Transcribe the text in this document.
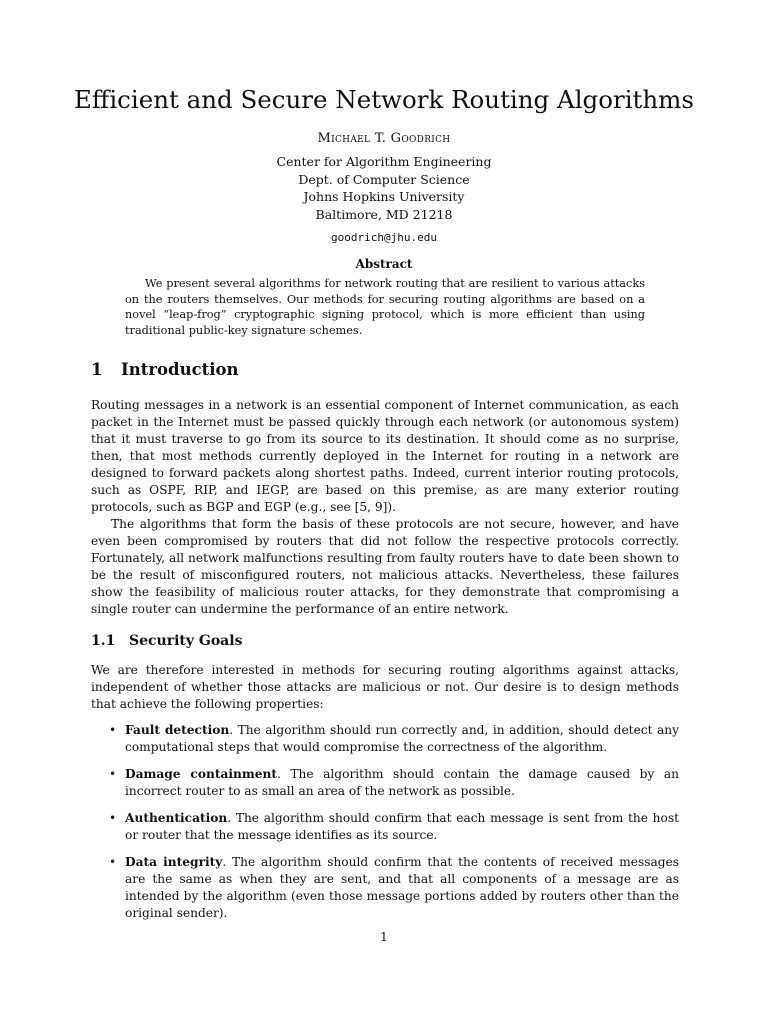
Efficient and Secure Network Routing Algorithms
Michael T. Goodrich
Center for Algorithm Engineering
Dept. of Computer Science
Johns Hopkins University
Baltimore, MD 21218
goodrich@jhu.edu
Abstract
We present several algorithms for network routing that are resilient to various attacks on the routers themselves. Our methods for securing routing algorithms are based on a novel “leap-frog” cryptographic signing protocol, which is more efficient than using traditional public-key signature schemes.
1 Introduction
Routing messages in a network is an essential component of Internet communication, as each packet in the Internet must be passed quickly through each network (or autonomous system) that it must traverse to go from its source to its destination. It should come as no surprise, then, that most methods currently deployed in the Internet for routing in a network are designed to forward packets along shortest paths. Indeed, current interior routing protocols, such as OSPF, RIP, and IEGP, are based on this premise, as are many exterior routing protocols, such as BGP and EGP (e.g., see [5, 9]).
The algorithms that form the basis of these protocols are not secure, however, and have even been compromised by routers that did not follow the respective protocols correctly. Fortunately, all network malfunctions resulting from faulty routers have to date been shown to be the result of misconfigured routers, not malicious attacks. Nevertheless, these failures show the feasibility of malicious router attacks, for they demonstrate that compromising a single router can undermine the performance of an entire network.
1.1 Security Goals
We are therefore interested in methods for securing routing algorithms against attacks, independent of whether those attacks are malicious or not. Our desire is to design methods that achieve the following properties:
• Fault detection. The algorithm should run correctly and, in addition, should detect any computational steps that would compromise the correctness of the algorithm.
• Damage containment. The algorithm should contain the damage caused by an incorrect router to as small an area of the network as possible.
• Authentication. The algorithm should confirm that each message is sent from the host or router that the message identifies as its source.
• Data integrity. The algorithm should confirm that the contents of received messages are the same as when they are sent, and that all components of a message are as intended by the algorithm (even those message portions added by routers other than the original sender).
1
